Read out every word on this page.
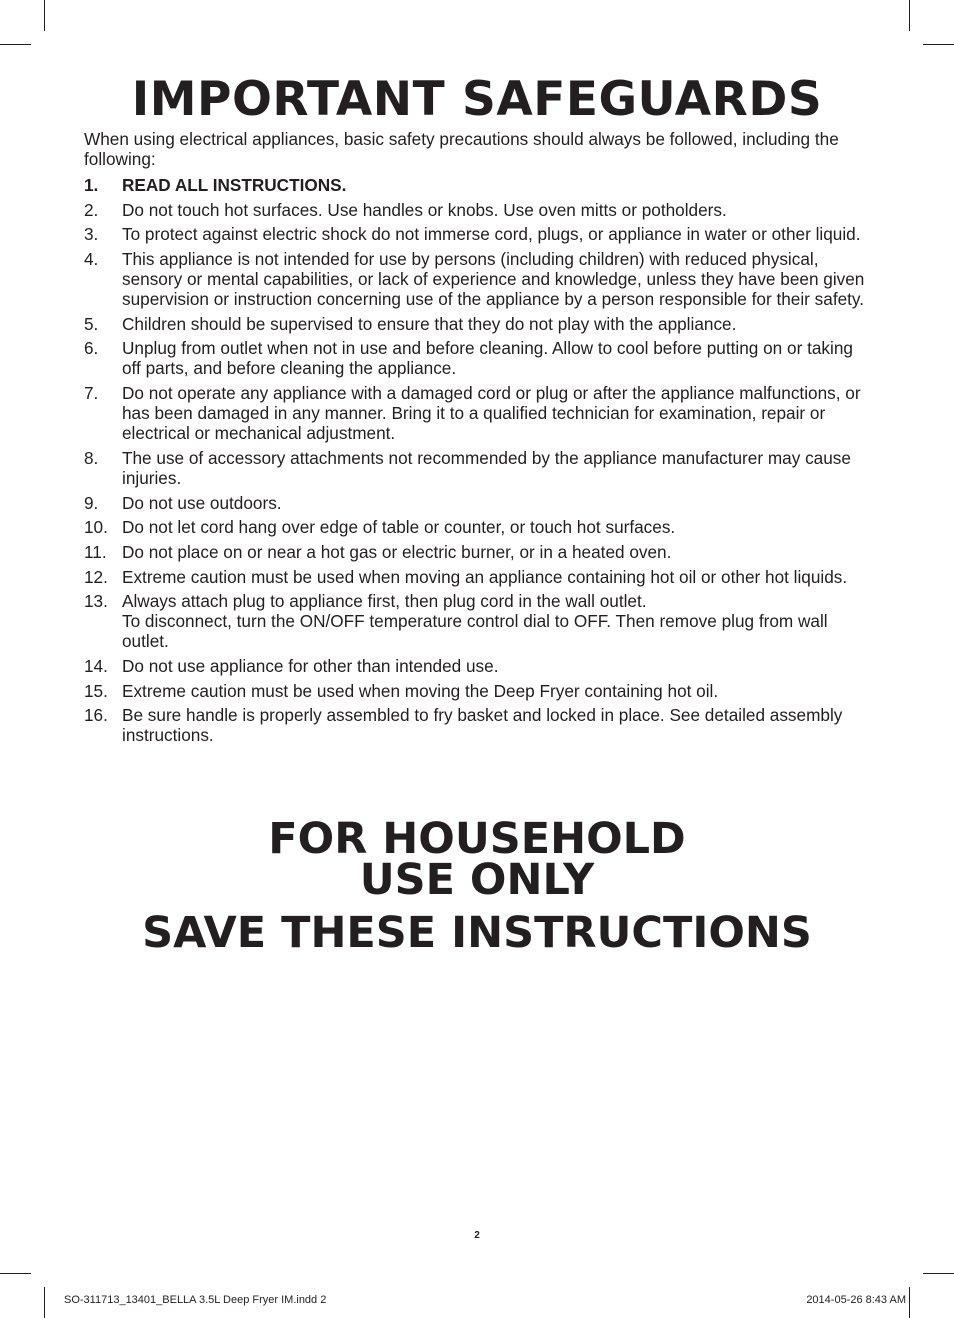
IMPORTANT SAFEGUARDS

When using electrical appliances, basic safety precautions should always be followed, including the following:

1.	READ ALL INSTRUCTIONS.
2.	Do not touch hot surfaces. Use handles or knobs. Use oven mitts or potholders.
3.	To protect against electric shock do not immerse cord, plugs, or appliance in water or other liquid.
4.	This appliance is not intended for use by persons (including children) with reduced physical, sensory or mental capabilities, or lack of experience and knowledge, unless they have been given supervision or instruction concerning use of the appliance by a person responsible for their safety.
5.	Children should be supervised to ensure that they do not play with the appliance.
6.	Unplug from outlet when not in use and before cleaning. Allow to cool before putting on or taking off parts, and before cleaning the appliance.
7.	Do not operate any appliance with a damaged cord or plug or after the appliance malfunctions, or has been damaged in any manner. Bring it to a qualified technician for examination, repair or electrical or mechanical adjustment.
8.	The use of accessory attachments not recommended by the appliance manufacturer may cause injuries.
9.	Do not use outdoors.
10. Do not let cord hang over edge of table or counter, or touch hot surfaces.
11. Do not place on or near a hot gas or electric burner, or in a heated oven.
12. Extreme caution must be used when moving an appliance containing hot oil or other hot liquids.
13. Always attach plug to appliance first, then plug cord in the wall outlet.
To disconnect, turn the ON/OFF temperature control dial to OFF. Then remove plug from wall outlet.
14. Do not use appliance for other than intended use.
15. Extreme caution must be used when moving the Deep Fryer containing hot oil.
16. Be sure handle is properly assembled to fry basket and locked in place. See detailed assembly instructions.
FOR HOUSEHOLD
USE ONLY
SAVE THESE INSTRUCTIONS
2
SO-311713_13401_BELLA 3.5L Deep Fryer IM.indd 2	2014-05-26 8:43 AM
